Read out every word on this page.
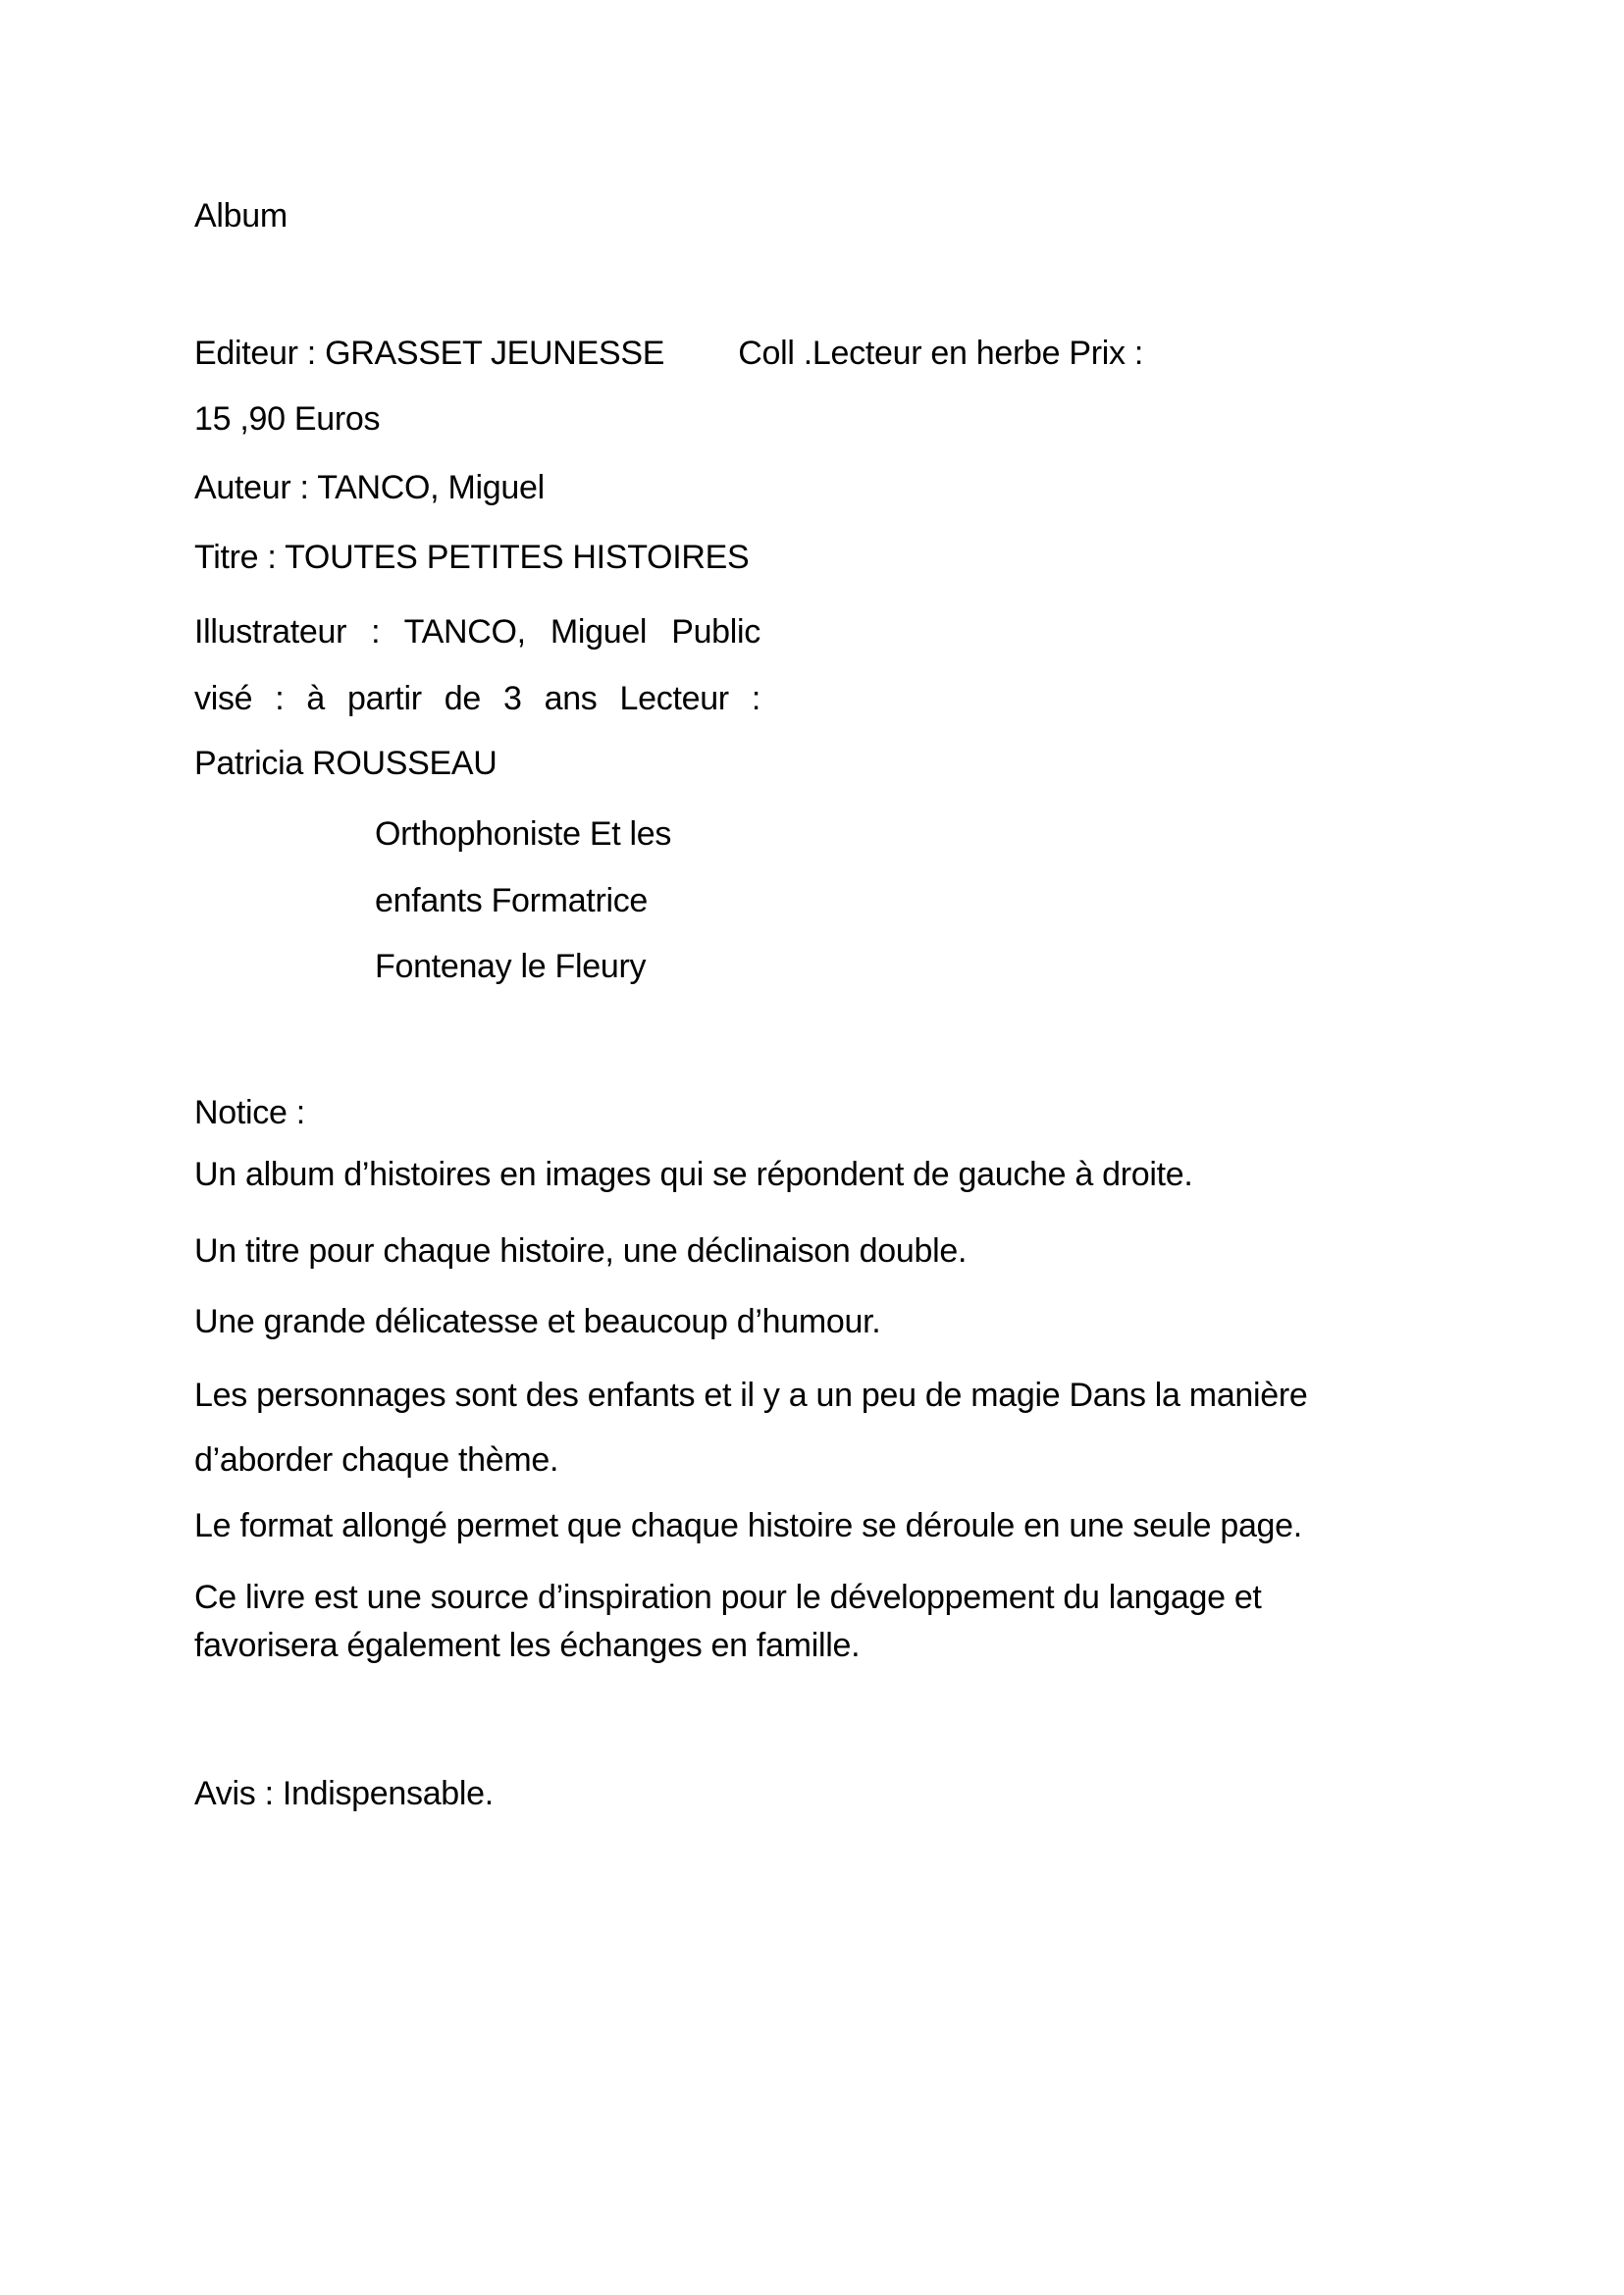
Album
Editeur : GRASSET JEUNESSE Coll .Lecteur en herbe Prix :
15 ,90 Euros
Auteur : TANCO, Miguel
Titre : TOUTES PETITES HISTOIRES
Illustrateur : TANCO, Miguel Public
visé : à partir de 3 ans Lecteur :
Patricia ROUSSEAU
Orthophoniste Et les
enfants Formatrice
Fontenay le Fleury
Notice :
Un album d’histoires en images qui se répondent de gauche à droite.
Un titre pour chaque histoire, une déclinaison double.
Une grande délicatesse et beaucoup d’humour.
Les personnages sont des enfants et il y a un peu de magie Dans la manière
d’aborder chaque thème.
Le format allongé permet que chaque histoire se déroule en une seule page.
Ce livre est une source d’inspiration pour le développement du langage et
favorisera également les échanges en famille.
Avis : Indispensable.
